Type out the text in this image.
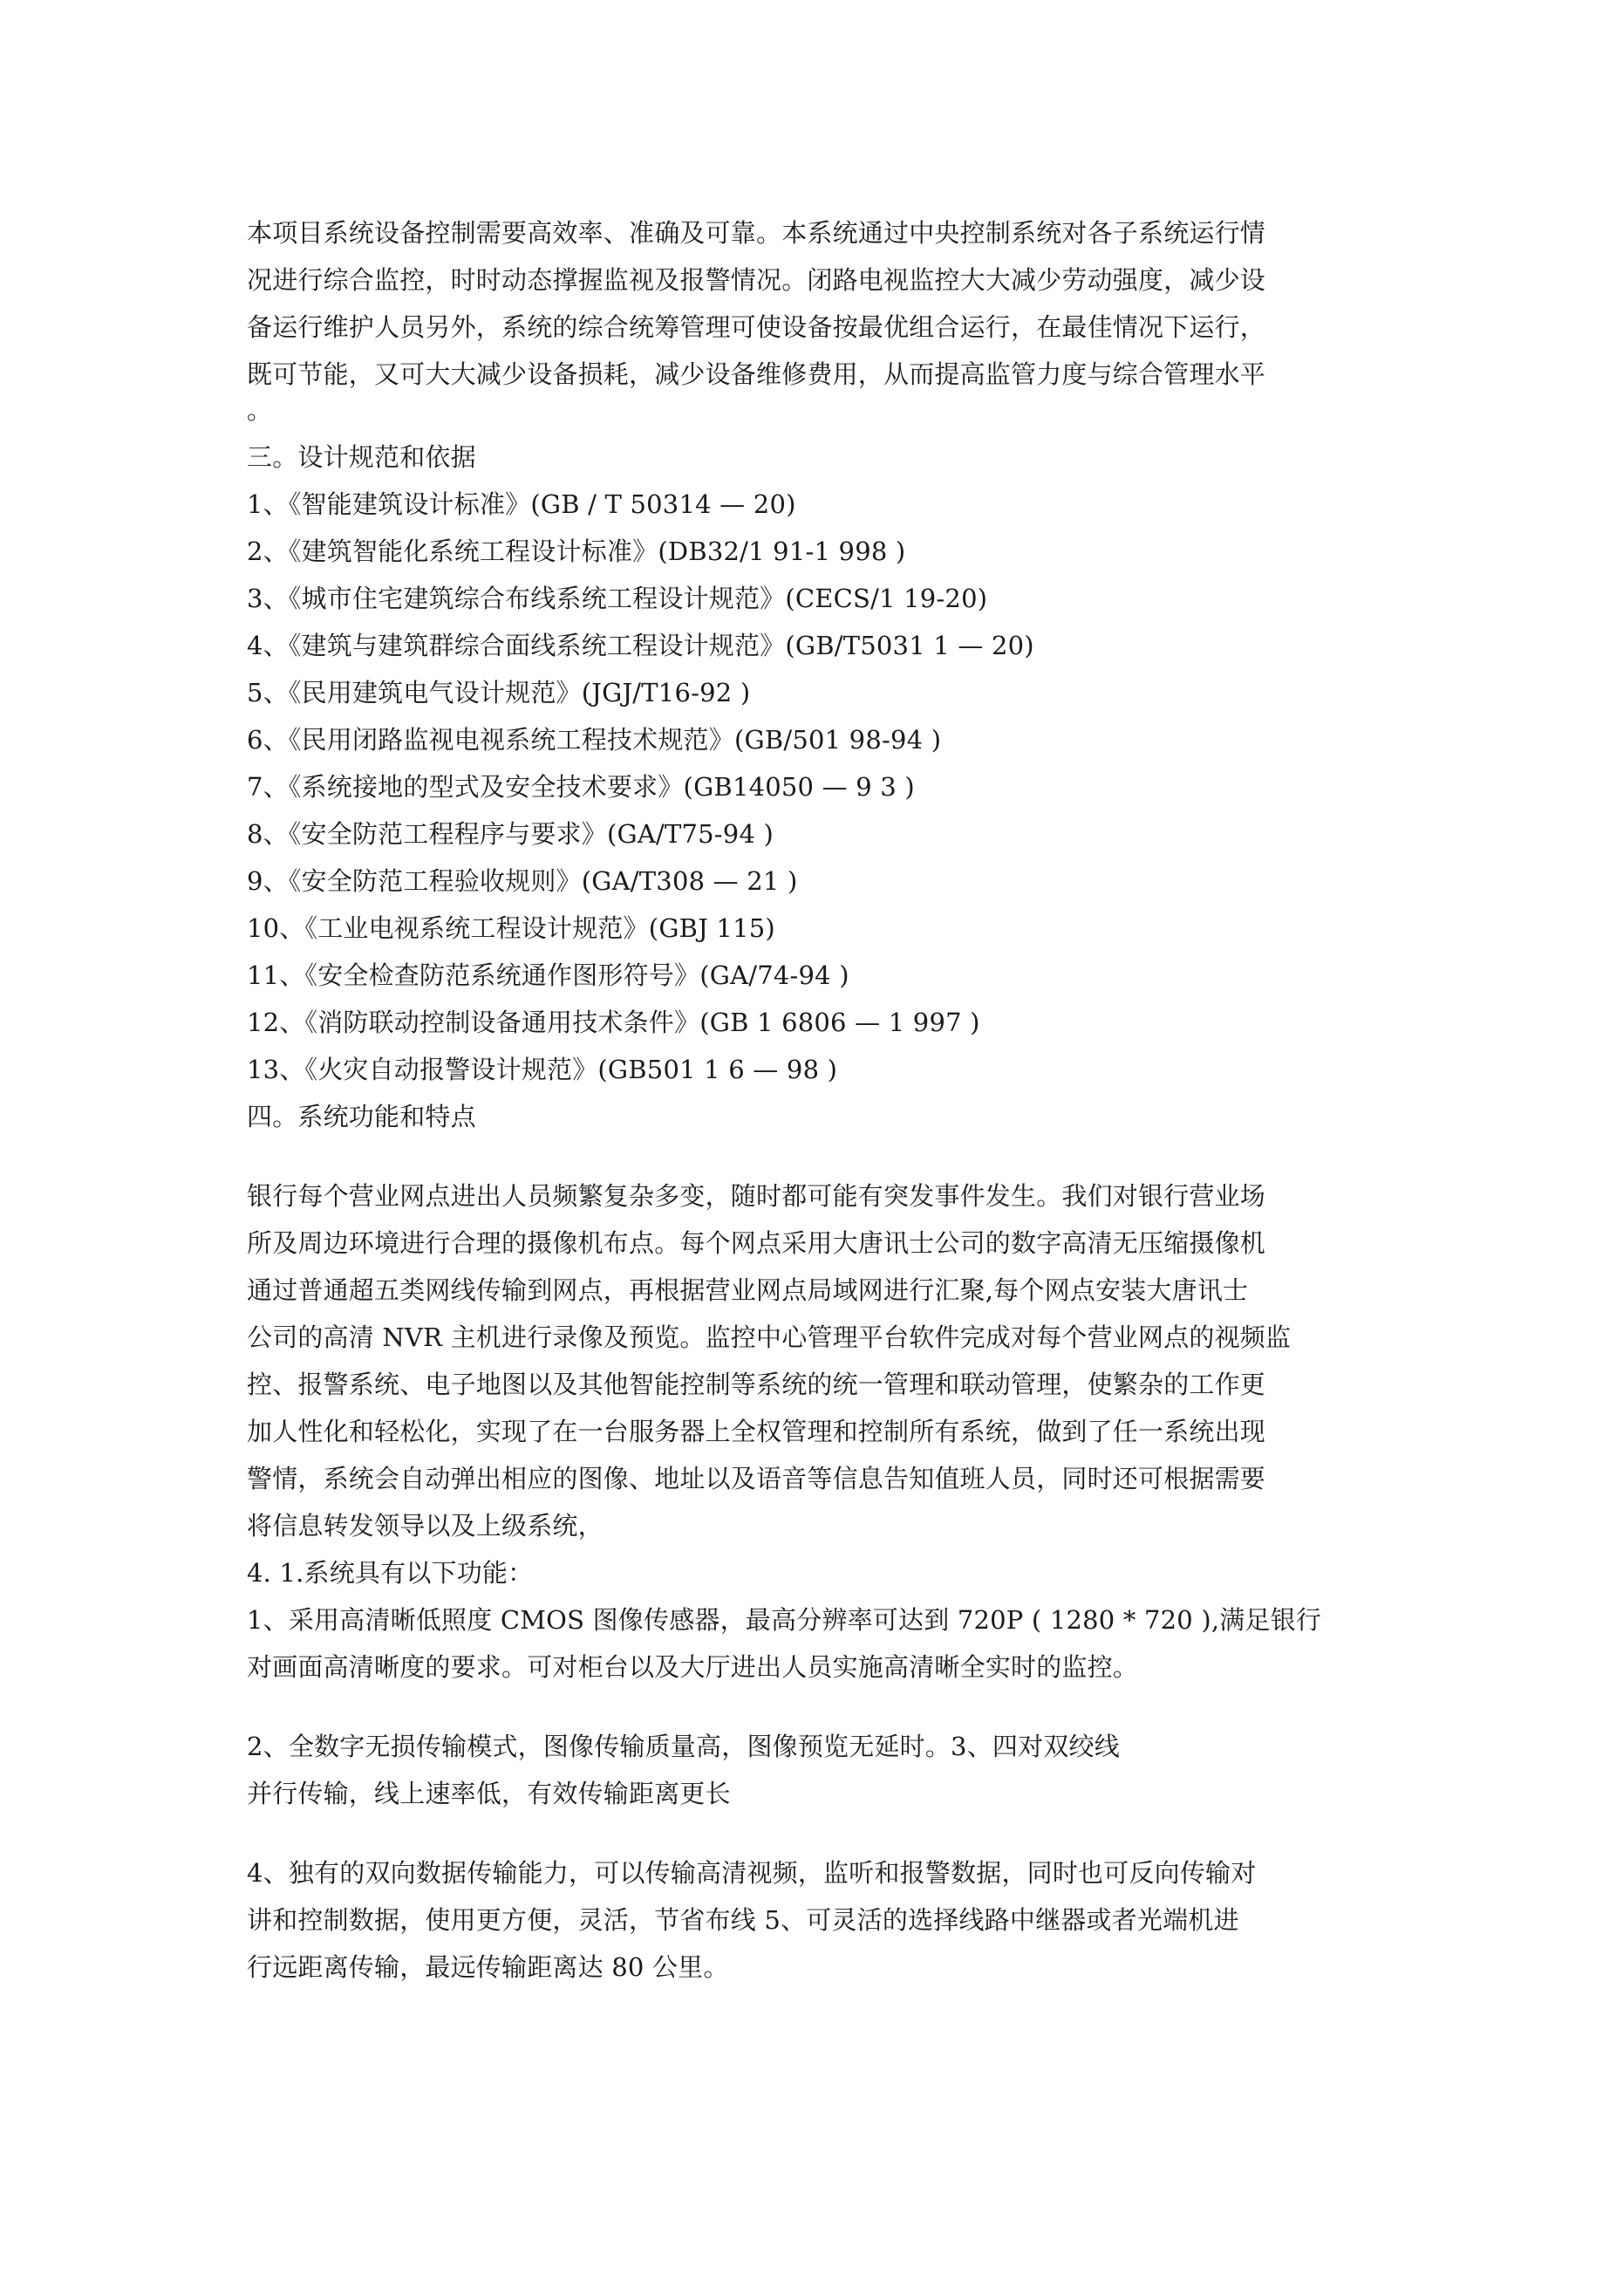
本项目系统设备控制需要高效率、准确及可靠。本系统通过中央控制系统对各子系统运行情
况进行综合监控，时时动态撑握监视及报警情况。闭路电视监控大大减少劳动强度，减少设
备运行维护人员另外，系统的综合统筹管理可使设备按最优组合运行，在最佳情况下运行，
既可节能，又可大大减少设备损耗，减少设备维修费用，从而提高监管力度与综合管理水平
。
三。设计规范和依据
1、《智能建筑设计标准》(GB / T 50314 — 20)
2、《建筑智能化系统工程设计标准》(DB32/1 91-1 998 )
3、《城市住宅建筑综合布线系统工程设计规范》(CECS/1 19-20)
4、《建筑与建筑群综合面线系统工程设计规范》(GB/T5031 1 — 20)
5、《民用建筑电气设计规范》(JGJ/T16-92 )
6、《民用闭路监视电视系统工程技术规范》(GB/501 98-94 )
7、《系统接地的型式及安全技术要求》(GB14050 — 9 3 )
8、《安全防范工程程序与要求》(GA/T75-94 )
9、《安全防范工程验收规则》(GA/T308 — 21 )
10、《工业电视系统工程设计规范》(GBJ 115)
11、《安全检查防范系统通作图形符号》(GA/74-94 )
12、《消防联动控制设备通用技术条件》(GB 1 6806 — 1 997 )
13、《火灾自动报警设计规范》(GB501 1 6 — 98 )
四。系统功能和特点
银行每个营业网点进出人员频繁复杂多变，随时都可能有突发事件发生。我们对银行营业场
所及周边环境进行合理的摄像机布点。每个网点采用大唐讯士公司的数字高清无压缩摄像机
通过普通超五类网线传输到网点，再根据营业网点局域网进行汇聚,每个网点安装大唐讯士
公司的高清 NVR 主机进行录像及预览。监控中心管理平台软件完成对每个营业网点的视频监
控、报警系统、电子地图以及其他智能控制等系统的统一管理和联动管理，使繁杂的工作更
加人性化和轻松化，实现了在一台服务器上全权管理和控制所有系统，做到了任一系统出现
警情，系统会自动弹出相应的图像、地址以及语音等信息告知值班人员，同时还可根据需要
将信息转发领导以及上级系统，
4. 1.系统具有以下功能：
1、采用高清晰低照度 CMOS 图像传感器，最高分辨率可达到 720P ( 1280 * 720 ),满足银行
对画面高清晰度的要求。可对柜台以及大厅进出人员实施高清晰全实时的监控。
2、全数字无损传输模式，图像传输质量高，图像预览无延时。3、四对双绞线
并行传输，线上速率低，有效传输距离更长
4、独有的双向数据传输能力，可以传输高清视频，监听和报警数据，同时也可反向传输对
讲和控制数据，使用更方便，灵活，节省布线 5、可灵活的选择线路中继器或者光端机进
行远距离传输，最远传输距离达 80 公里。
